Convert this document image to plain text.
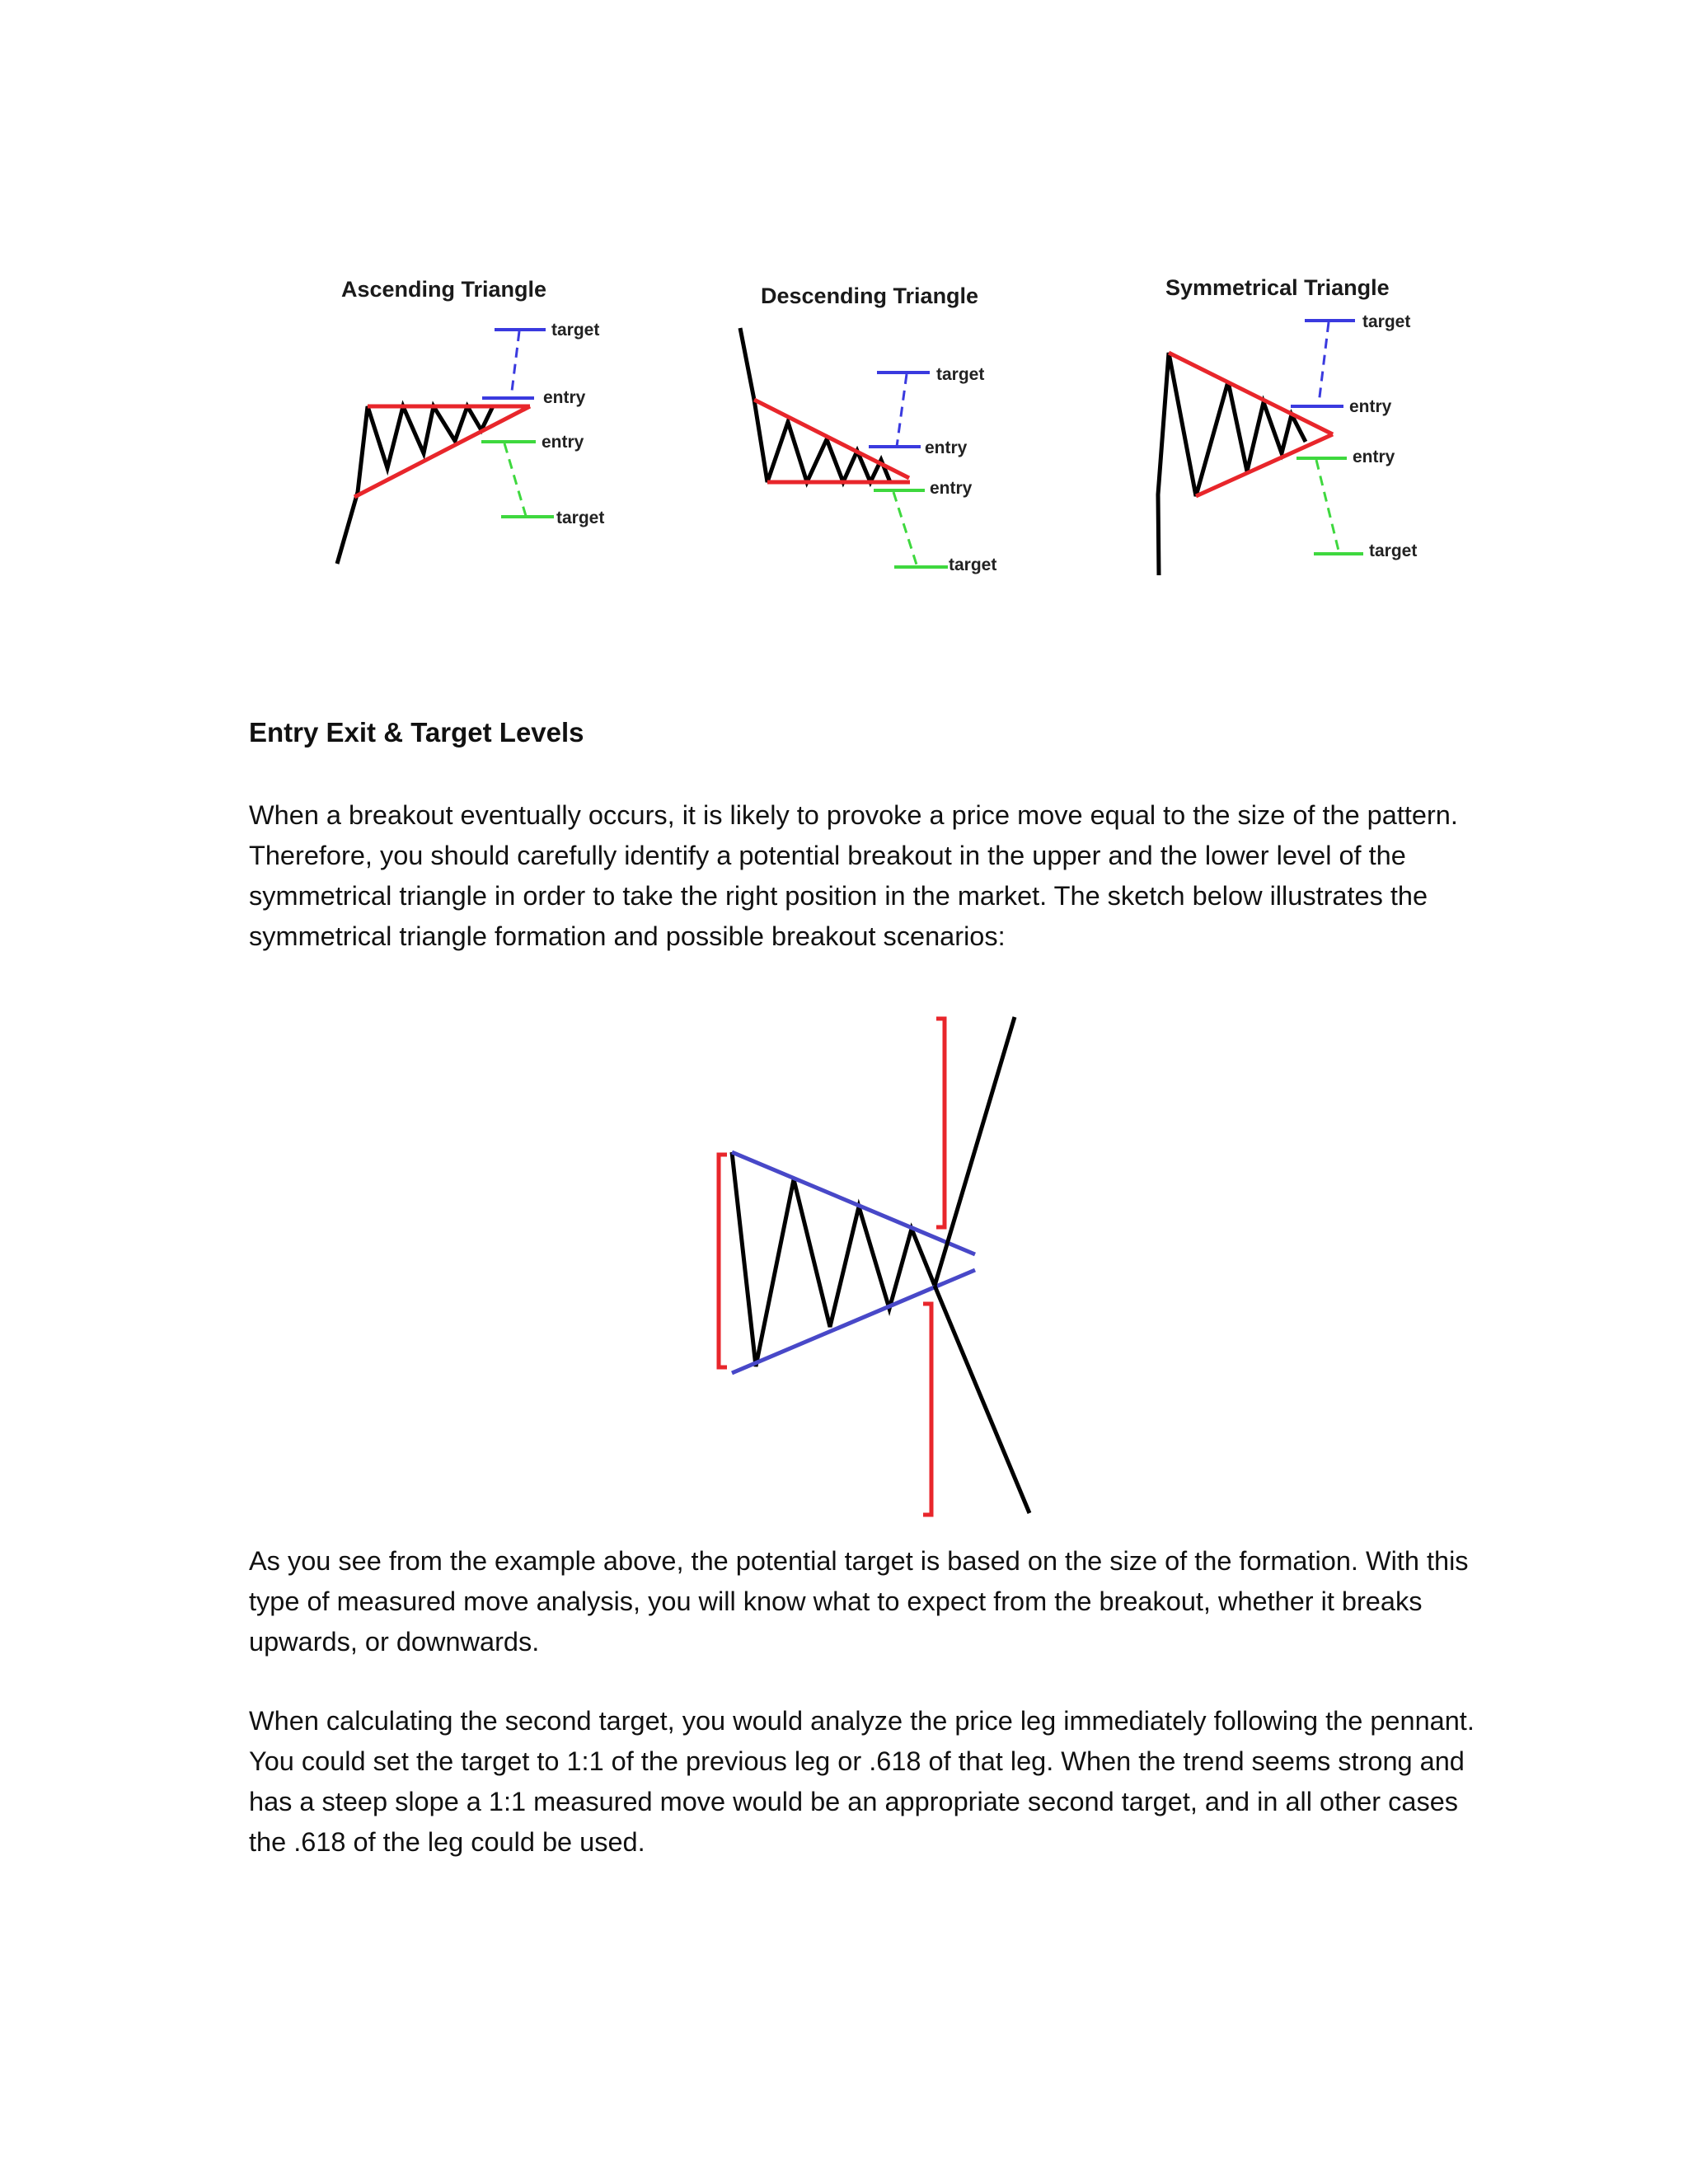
Ascending Triangle
target
entry
entry
target
Descending Triangle
target
entry
entry
target
Symmetrical Triangle
target
entry
entry
target
Entry Exit & Target Levels

When a breakout eventually occurs, it is likely to provoke a price move equal to the size of the pattern. Therefore, you should carefully identify a potential breakout in the upper and the lower level of the symmetrical triangle in order to take the right position in the market. The sketch below illustrates the symmetrical triangle formation and possible breakout scenarios:

As you see from the example above, the potential target is based on the size of the formation. With this type of measured move analysis, you will know what to expect from the breakout, whether it breaks upwards, or downwards.

When calculating the second target, you would analyze the price leg immediately following the pennant. You could set the target to 1:1 of the previous leg or .618 of that leg. When the trend seems strong and has a steep slope a 1:1 measured move would be an appropriate second target, and in all other cases the .618 of the leg could be used.
